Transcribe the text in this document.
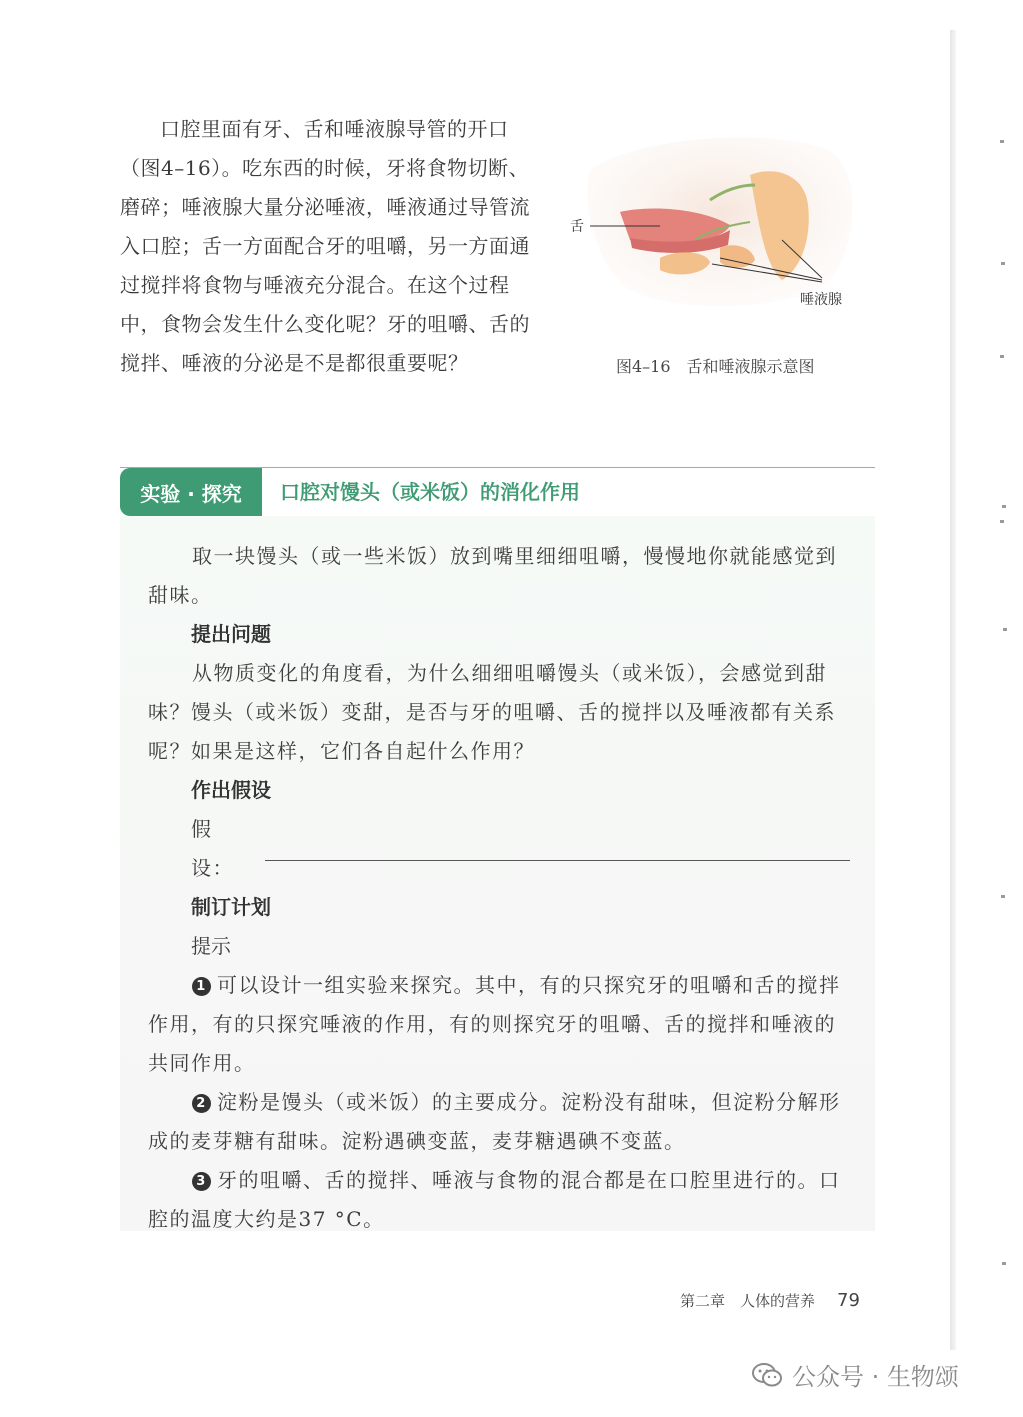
口腔里面有牙、舌和唾液腺导管的开口（图4–16）。吃东西的时候，牙将食物切断、磨碎；唾液腺大量分泌唾液，唾液通过导管流入口腔；舌一方面配合牙的咀嚼，另一方面通过搅拌将食物与唾液充分混合。在这个过程中，食物会发生什么变化呢？牙的咀嚼、舌的搅拌、唾液的分泌是不是都很重要呢？

舌
唾液腺
图4–16　舌和唾液腺示意图
实验 · 探究	口腔对馒头（或米饭）的消化作用

取一块馒头（或一些米饭）放到嘴里细细咀嚼，慢慢地你就能感觉到甜味。

提出问题

从物质变化的角度看，为什么细细咀嚼馒头（或米饭），会感觉到甜味？馒头（或米饭）变甜，是否与牙的咀嚼、舌的搅拌以及唾液都有关系呢？如果是这样，它们各自起什么作用？

作出假设

假设：

制订计划

提示

1 可以设计一组实验来探究。其中，有的只探究牙的咀嚼和舌的搅拌作用，有的只探究唾液的作用，有的则探究牙的咀嚼、舌的搅拌和唾液的共同作用。

2 淀粉是馒头（或米饭）的主要成分。淀粉没有甜味，但淀粉分解形成的麦芽糖有甜味。淀粉遇碘变蓝，麦芽糖遇碘不变蓝。

3 牙的咀嚼、舌的搅拌、唾液与食物的混合都是在口腔里进行的。口腔的温度大约是37 °C。

第二章　人体的营养 79
公众号 · 生物颂
